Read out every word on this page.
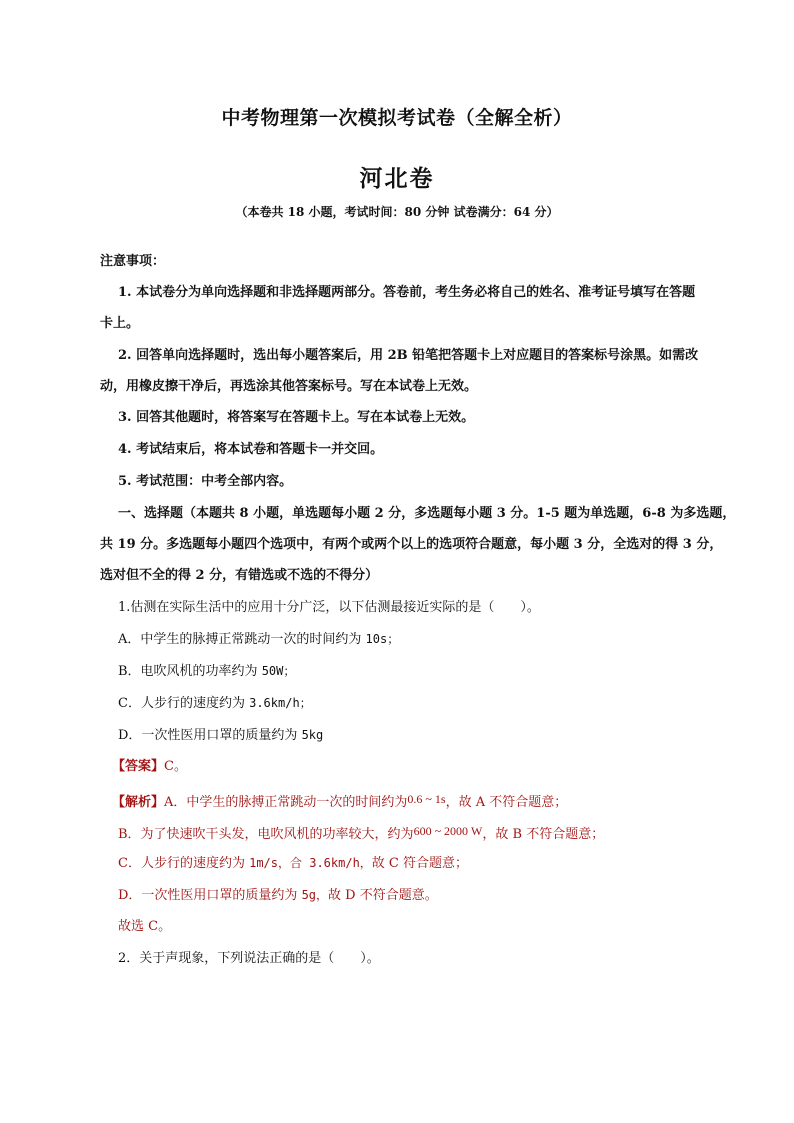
中考物理第一次模拟考试卷（全解全析）
河北卷
（本卷共 18 小题，考试时间：80 分钟 试卷满分：64 分）
注意事项：
1. 本试卷分为单向选择题和非选择题两部分。答卷前，考生务必将自己的姓名、准考证号填写在答题
卡上。
2. 回答单向选择题时，选出每小题答案后，用 2B 铅笔把答题卡上对应题目的答案标号涂黑。如需改
动，用橡皮擦干净后，再选涂其他答案标号。写在本试卷上无效。
3. 回答其他题时，将答案写在答题卡上。写在本试卷上无效。
4. 考试结束后，将本试卷和答题卡一并交回。
5. 考试范围：中考全部内容。
一、选择题（本题共 8 小题，单选题每小题 2 分，多选题每小题 3 分。1-5 题为单选题，6-8 为多选题，
共 19 分。多选题每小题四个选项中，有两个或两个以上的选项符合题意，每小题 3 分，全选对的得 3 分，
选对但不全的得 2 分，有错选或不选的不得分）
1.估测在实际生活中的应用十分广泛，以下估测最接近实际的是（　　）。
A．中学生的脉搏正常跳动一次的时间约为 10s；
B．电吹风机的功率约为 50W；
C．人步行的速度约为 3.6km/h；
D．一次性医用口罩的质量约为 5kg
【答案】C。
【解析】A．中学生的脉搏正常跳动一次的时间约为0.6 ~ 1s，故 A 不符合题意；
B．为了快速吹干头发，电吹风机的功率较大，约为600 ~ 2000 W，故 B 不符合题意；
C．人步行的速度约为 1m/s，合 3.6km/h，故 C 符合题意；
D．一次性医用口罩的质量约为 5g，故 D 不符合题意。
故选 C。
2．关于声现象，下列说法正确的是（　　）。
